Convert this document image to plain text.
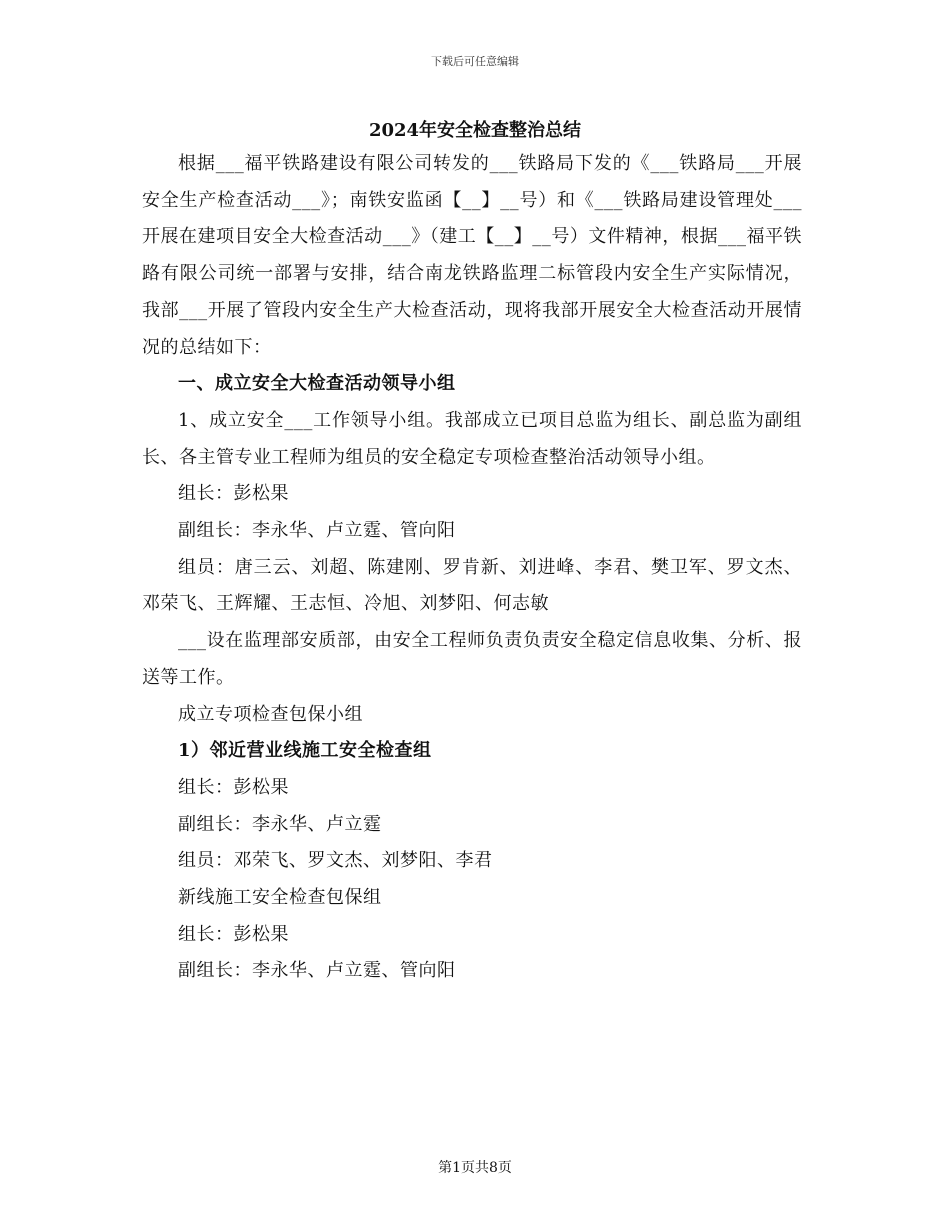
下载后可任意编辑
2024年安全检查整治总结

根据___福平铁路建设有限公司转发的___铁路局下发的《___铁路局___开展安全生产检查活动___》；南铁安监函【__】__号）和《___铁路局建设管理处___开展在建项目安全大检查活动___》（建工【__】__号）文件精神，根据___福平铁路有限公司统一部署与安排，结合南龙铁路监理二标管段内安全生产实际情况，我部___开展了管段内安全生产大检查活动，现将我部开展安全大检查活动开展情况的总结如下：

一、成立安全大检查活动领导小组

1、成立安全___工作领导小组。我部成立已项目总监为组长、副总监为副组长、各主管专业工程师为组员的安全稳定专项检查整治活动领导小组。

组长：彭松果

副组长：李永华、卢立霆、管向阳

组员：唐三云、刘超、陈建刚、罗肯新、刘进峰、李君、樊卫军、罗文杰、邓荣飞、王辉耀、王志恒、冷旭、刘梦阳、何志敏

___设在监理部安质部，由安全工程师负责负责安全稳定信息收集、分析、报送等工作。

成立专项检查包保小组

1）邻近营业线施工安全检查组

组长：彭松果

副组长：李永华、卢立霆

组员：邓荣飞、罗文杰、刘梦阳、李君

新线施工安全检查包保组

组长：彭松果

副组长：李永华、卢立霆、管向阳

第1页共8页
